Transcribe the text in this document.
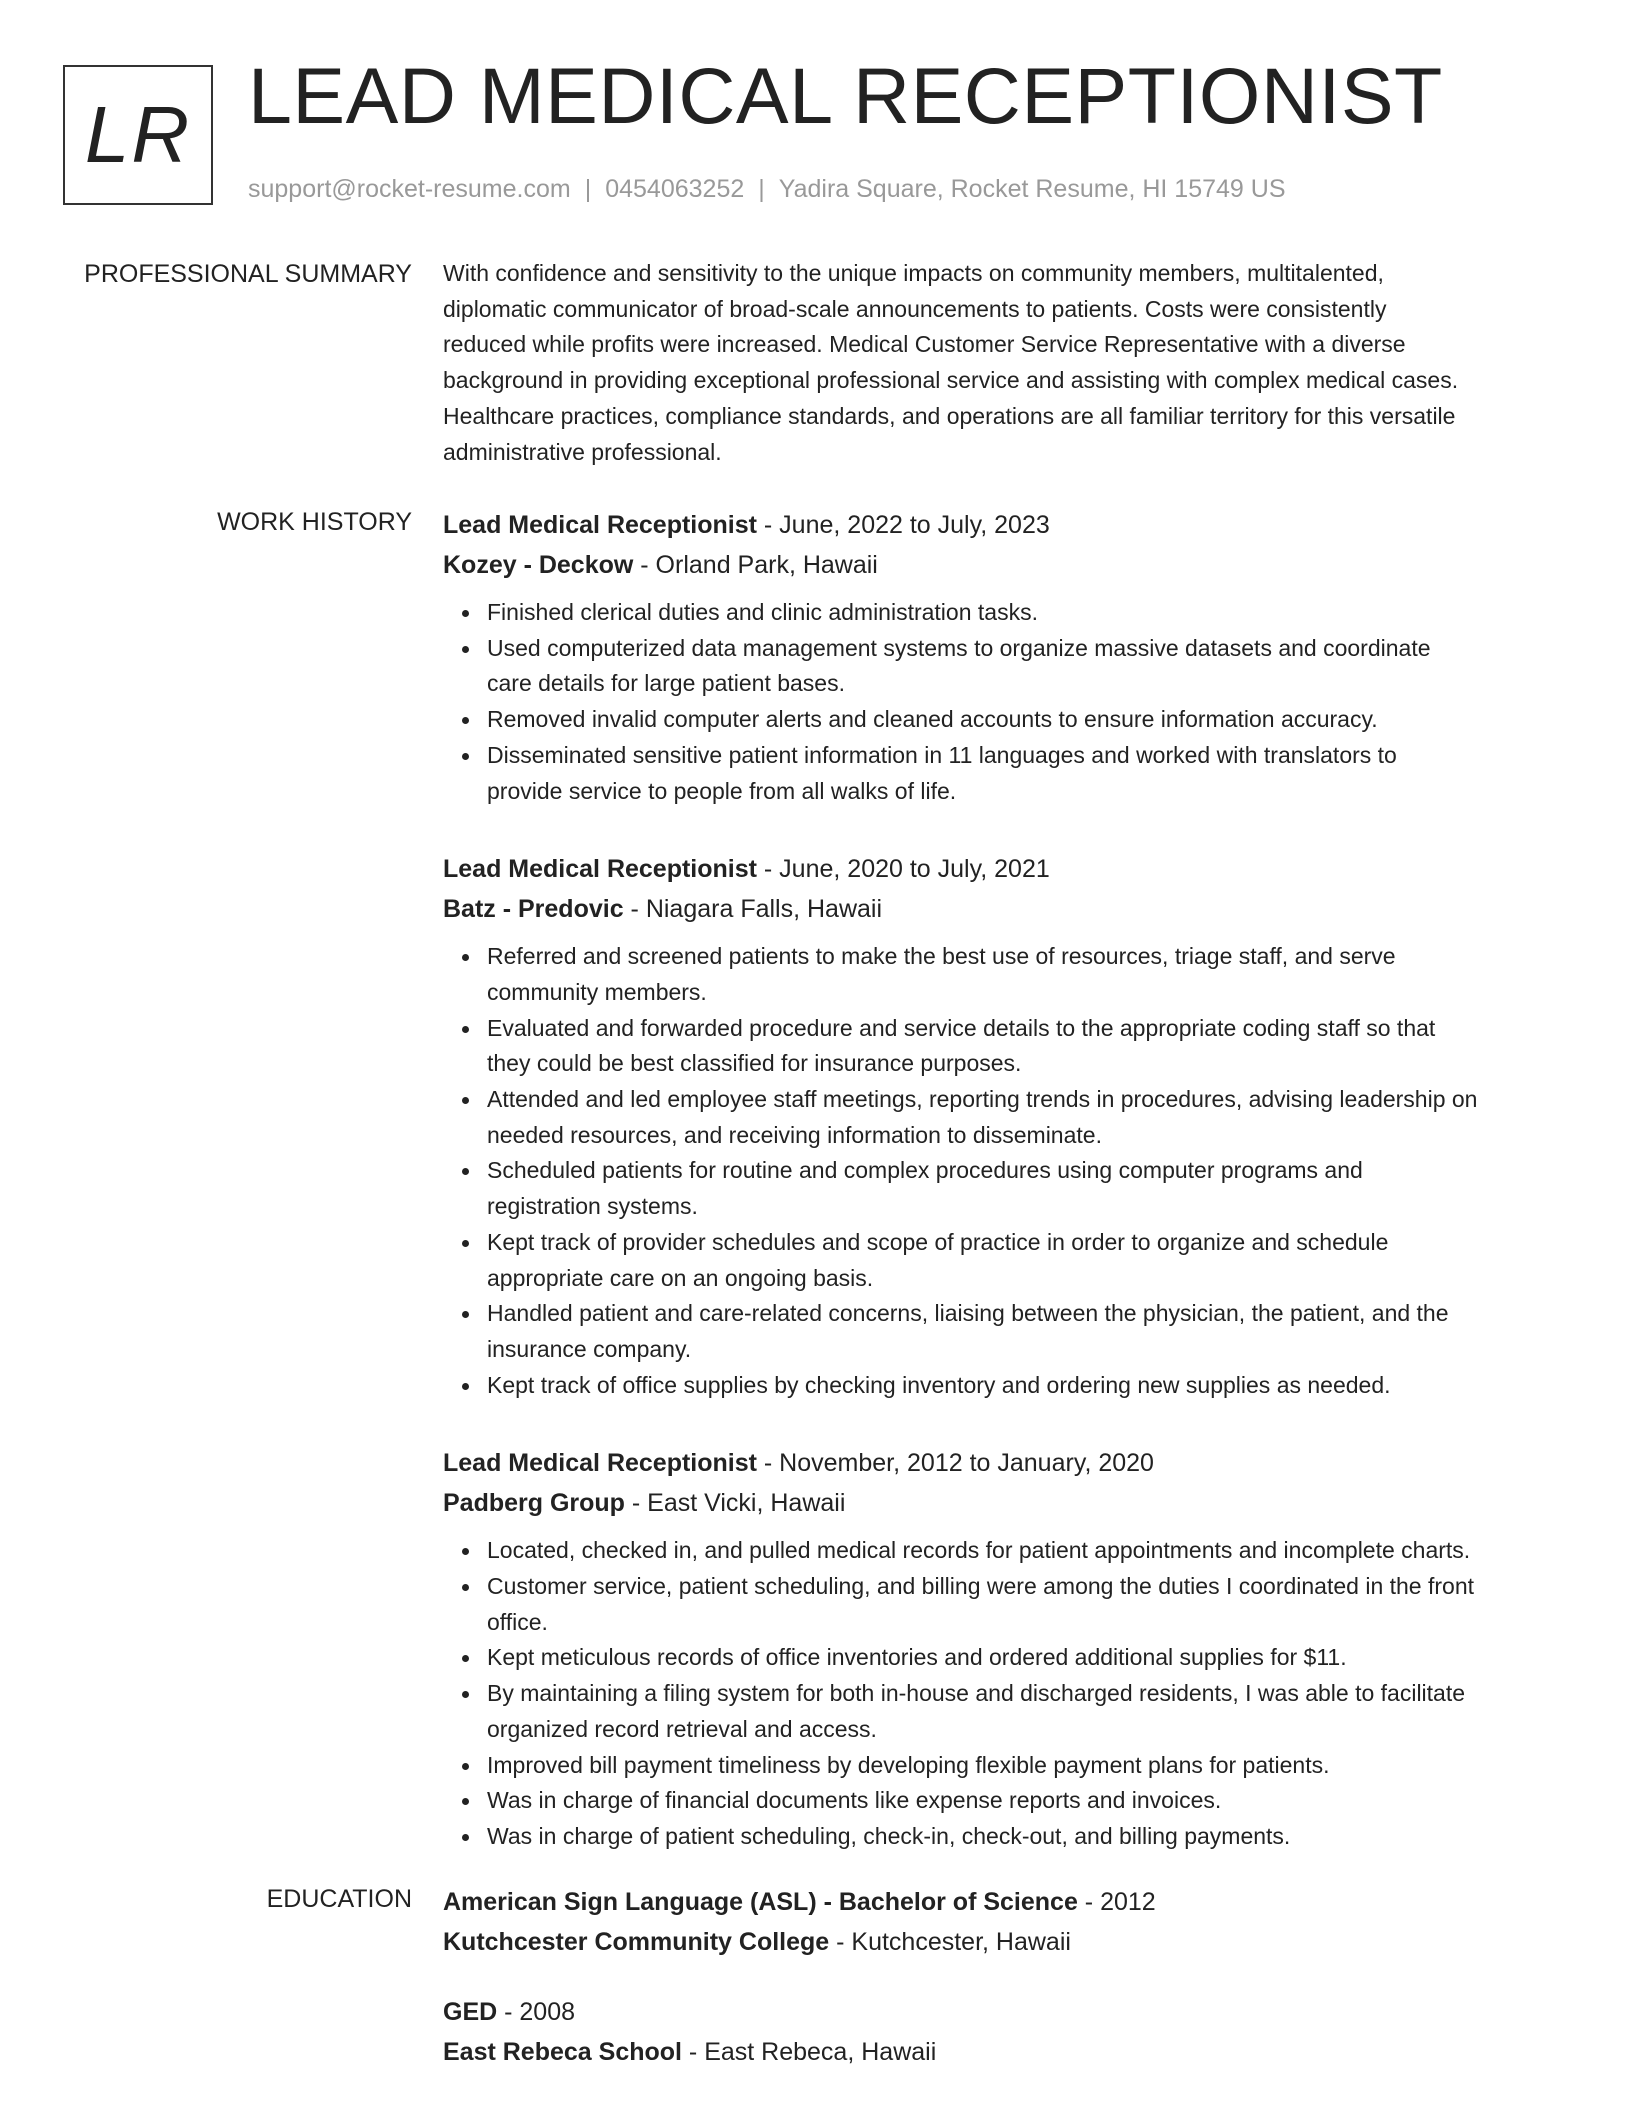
LR LEAD MEDICAL RECEPTIONIST
support@rocket-resume.com | 0454063252 | Yadira Square, Rocket Resume, HI 15749 US
PROFESSIONAL SUMMARY With confidence and sensitivity to the unique impacts on community members, multitalented,
diplomatic communicator of broad-scale announcements to patients. Costs were consistently
reduced while profits were increased. Medical Customer Service Representative with a diverse
background in providing exceptional professional service and assisting with complex medical cases.
Healthcare practices, compliance standards, and operations are all familiar territory for this versatile
administrative professional.

WORK HISTORY Lead Medical Receptionist - June, 2022 to July, 2023
Kozey - Deckow - Orland Park, Hawaii
Finished clerical duties and clinic administration tasks.
Used computerized data management systems to organize massive datasets and coordinate
care details for large patient bases.
Removed invalid computer alerts and cleaned accounts to ensure information accuracy.
Disseminated sensitive patient information in 11 languages and worked with translators to
provide service to people from all walks of life.
Lead Medical Receptionist - June, 2020 to July, 2021
Batz - Predovic - Niagara Falls, Hawaii
Referred and screened patients to make the best use of resources, triage staff, and serve
community members.
Evaluated and forwarded procedure and service details to the appropriate coding staff so that
they could be best classified for insurance purposes.
Attended and led employee staff meetings, reporting trends in procedures, advising leadership on
needed resources, and receiving information to disseminate.
Scheduled patients for routine and complex procedures using computer programs and
registration systems.
Kept track of provider schedules and scope of practice in order to organize and schedule
appropriate care on an ongoing basis.
Handled patient and care-related concerns, liaising between the physician, the patient, and the
insurance company.
Kept track of office supplies by checking inventory and ordering new supplies as needed.
Lead Medical Receptionist - November, 2012 to January, 2020
Padberg Group - East Vicki, Hawaii
Located, checked in, and pulled medical records for patient appointments and incomplete charts.
Customer service, patient scheduling, and billing were among the duties I coordinated in the front
office.
Kept meticulous records of office inventories and ordered additional supplies for $11.
By maintaining a filing system for both in-house and discharged residents, I was able to facilitate
organized record retrieval and access.
Improved bill payment timeliness by developing flexible payment plans for patients.
Was in charge of financial documents like expense reports and invoices.
Was in charge of patient scheduling, check-in, check-out, and billing payments.
EDUCATION American Sign Language (ASL) - Bachelor of Science - 2012
Kutchcester Community College - Kutchcester, Hawaii
GED - 2008
East Rebeca School - East Rebeca, Hawaii
